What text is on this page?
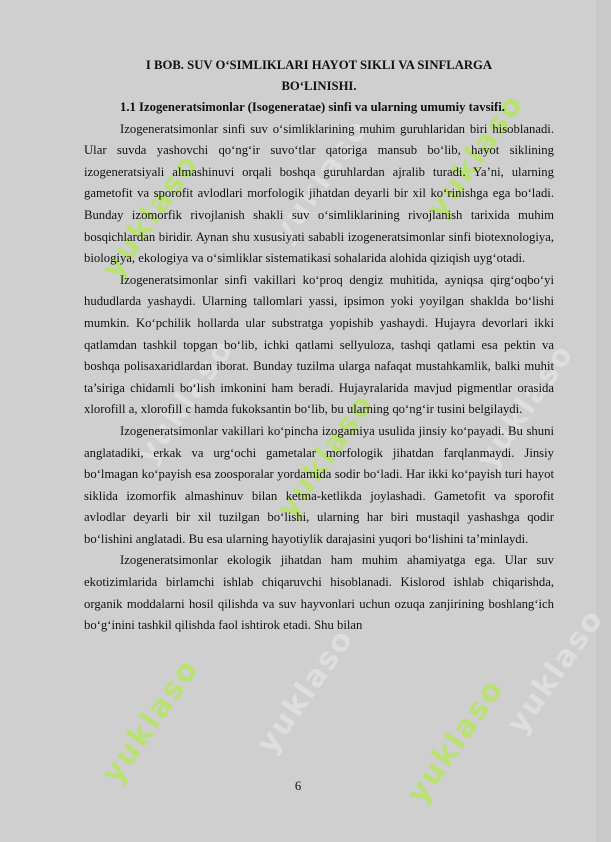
yuklaso yuklaso yuklaso
yuklaso yuklaso	yuklaso
yuklaso yuklaso yuklaso
yuklaso

I BOB. SUV O‘SIMLIKLARI HAYOT SIKLI VA SINFLARGA BO‘LINISHI.

1.1 Izogeneratsimonlar (Isogeneratae) sinfi va ularning umumiy tavsifi.

Izogeneratsimonlar sinfi suv o‘simliklarining muhim guruhlaridan biri hisoblanadi. Ular suvda yashovchi qo‘ng‘ir suvo‘tlar qatoriga mansub bo‘lib, hayot siklining izogeneratsiyali almashinuvi orqali boshqa guruhlardan ajralib turadi. Ya’ni, ularning gametofit va sporofit avlodlari morfologik jihatdan deyarli bir xil ko‘rinishga ega bo‘ladi. Bunday izomorfik rivojlanish shakli suv o‘simliklarining rivojlanish tarixida muhim bosqichlardan biridir. Aynan shu xususiyati sababli izogeneratsimonlar sinfi biotexnologiya, biologiya, ekologiya va o‘simliklar sistematikasi sohalarida alohida qiziqish uyg‘otadi.

Izogeneratsimonlar sinfi vakillari ko‘proq dengiz muhitida, ayniqsa qirg‘oqbo‘yi hududlarda yashaydi. Ularning tallomlari yassi, ipsimon yoki yoyilgan shaklda bo‘lishi mumkin. Ko‘pchilik hollarda ular substratga yopishib yashaydi. Hujayra devorlari ikki qatlamdan tashkil topgan bo‘lib, ichki qatlami sellyuloza, tashqi qatlami esa pektin va boshqa polisaxaridlardan iborat. Bunday tuzilma ularga nafaqat mustahkamlik, balki muhit ta’siriga chidamli bo‘lish imkonini ham beradi. Hujayralarida mavjud pigmentlar orasida xlorofill a, xlorofill c hamda fukoksantin bo‘lib, bu ularning qo‘ng‘ir tusini belgilaydi.

Izogeneratsimonlar vakillari ko‘pincha izogamiya usulida jinsiy ko‘payadi. Bu shuni anglatadiki, erkak va urg‘ochi gametalar morfologik jihatdan farqlanmaydi. Jinsiy bo‘lmagan ko‘payish esa zoosporalar yordamida sodir bo‘ladi. Har ikki ko‘payish turi hayot siklida izomorfik almashinuv bilan ketma-ketlikda joylashadi. Gametofit va sporofit avlodlar deyarli bir xil tuzilgan bo‘lishi, ularning har biri mustaqil yashashga qodir bo‘lishini anglatadi. Bu esa ularning hayotiylik darajasini yuqori bo‘lishini ta’minlaydi.

Izogeneratsimonlar ekologik jihatdan ham muhim ahamiyatga ega. Ular suv ekotizimlarida birlamchi ishlab chiqaruvchi hisoblanadi. Kislorod ishlab chiqarishda, organik moddalarni hosil qilishda va suv hayvonlari uchun ozuqa zanjirining boshlang‘ich bo‘g‘inini tashkil qilishda faol ishtirok etadi. Shu bilan

6
